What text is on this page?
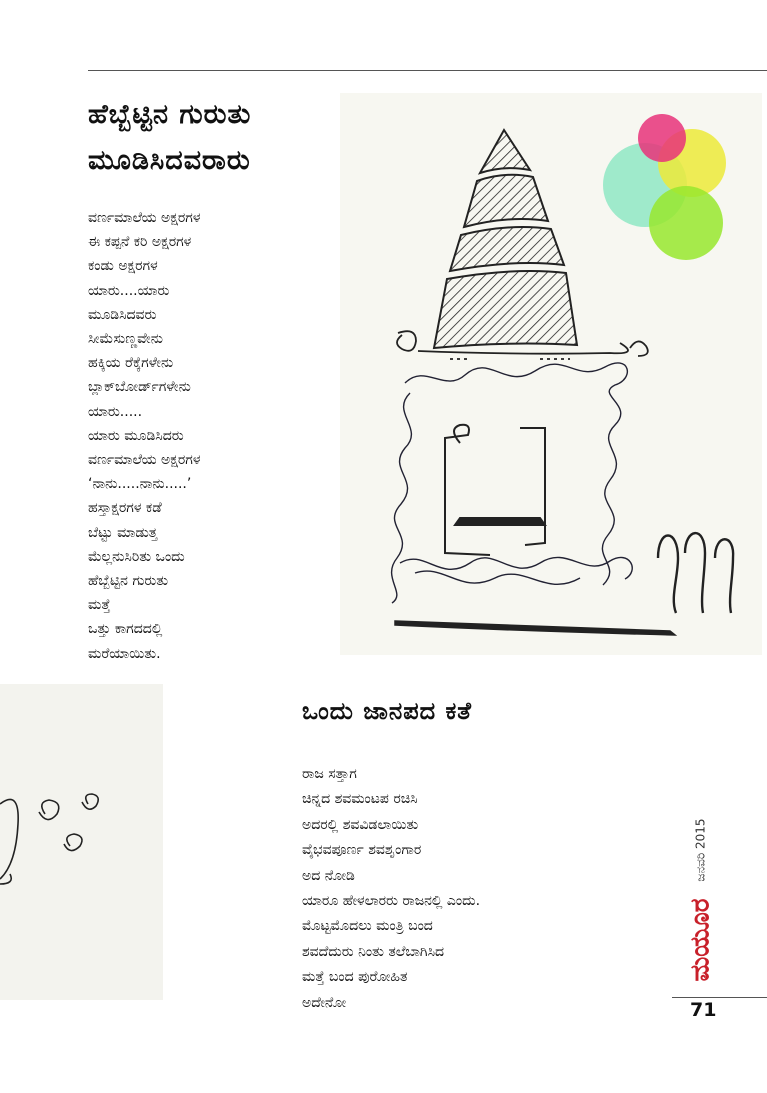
ಹೆಬ್ಬೆಟ್ಟಿನ ಗುರುತು
ಮೂಡಿಸಿದವರಾರು
ವರ್ಣಮಾಲೆಯ ಅಕ್ಷರಗಳ
ಈ ಕಪ್ಪನೆ ಕರಿ ಅಕ್ಷರಗಳ
ಕಂಡು ಅಕ್ಷರಗಳ
ಯಾರು....ಯಾರು
ಮೂಡಿಸಿದವರು
ಸೀಮೆಸುಣ್ಣವೇನು
ಹಕ್ಕಿಯ ರೆಕ್ಕೆಗಳೇನು
ಬ್ಲಾಕ್‌ಬೋರ್ಡ್‌ಗಳೇನು
ಯಾರು.....
ಯಾರು ಮೂಡಿಸಿದರು
ವರ್ಣಮಾಲೆಯ ಅಕ್ಷರಗಳ
‘ನಾನು.....ನಾನು.....’
ಹಸ್ತಾಕ್ಷರಗಳ ಕಡೆ
ಬೆಟ್ಟು ಮಾಡುತ್ತ
ಮೆಲ್ಲನುಸಿರಿತು ಒಂದು
ಹೆಬ್ಬೆಟ್ಟಿನ ಗುರುತು
ಮತ್ತೆ
ಒತ್ತು ಕಾಗದದಲ್ಲಿ
ಮರೆಯಾಯಿತು.
ಒಂದು ಜಾನಪದ ಕತೆ
ರಾಜ ಸತ್ತಾಗ
ಚಿನ್ನದ ಶವಮಂಟಪ ರಚಿಸಿ
ಅದರಲ್ಲಿ ಶವವಿಡಲಾಯಿತು
ವೈಭವಪೂರ್ಣ ಶವಶೃಂಗಾರ
ಅದ ನೋಡಿ
ಯಾರೂ ಹೇಳಲಾರರು ರಾಜನಲ್ಲಿ ಎಂದು.
ಮೊಟ್ಟಮೊದಲು ಮಂತ್ರಿ ಬಂದ
ಶವದೆದುರು ನಿಂತು ತಲೆಬಾಗಿಸಿದ
ಮತ್ತೆ ಬಂದ ಪುರೋಹಿತ
ಅದೇನೋ
ಜನವರಿ 2015
ಮಯೂರ
71
